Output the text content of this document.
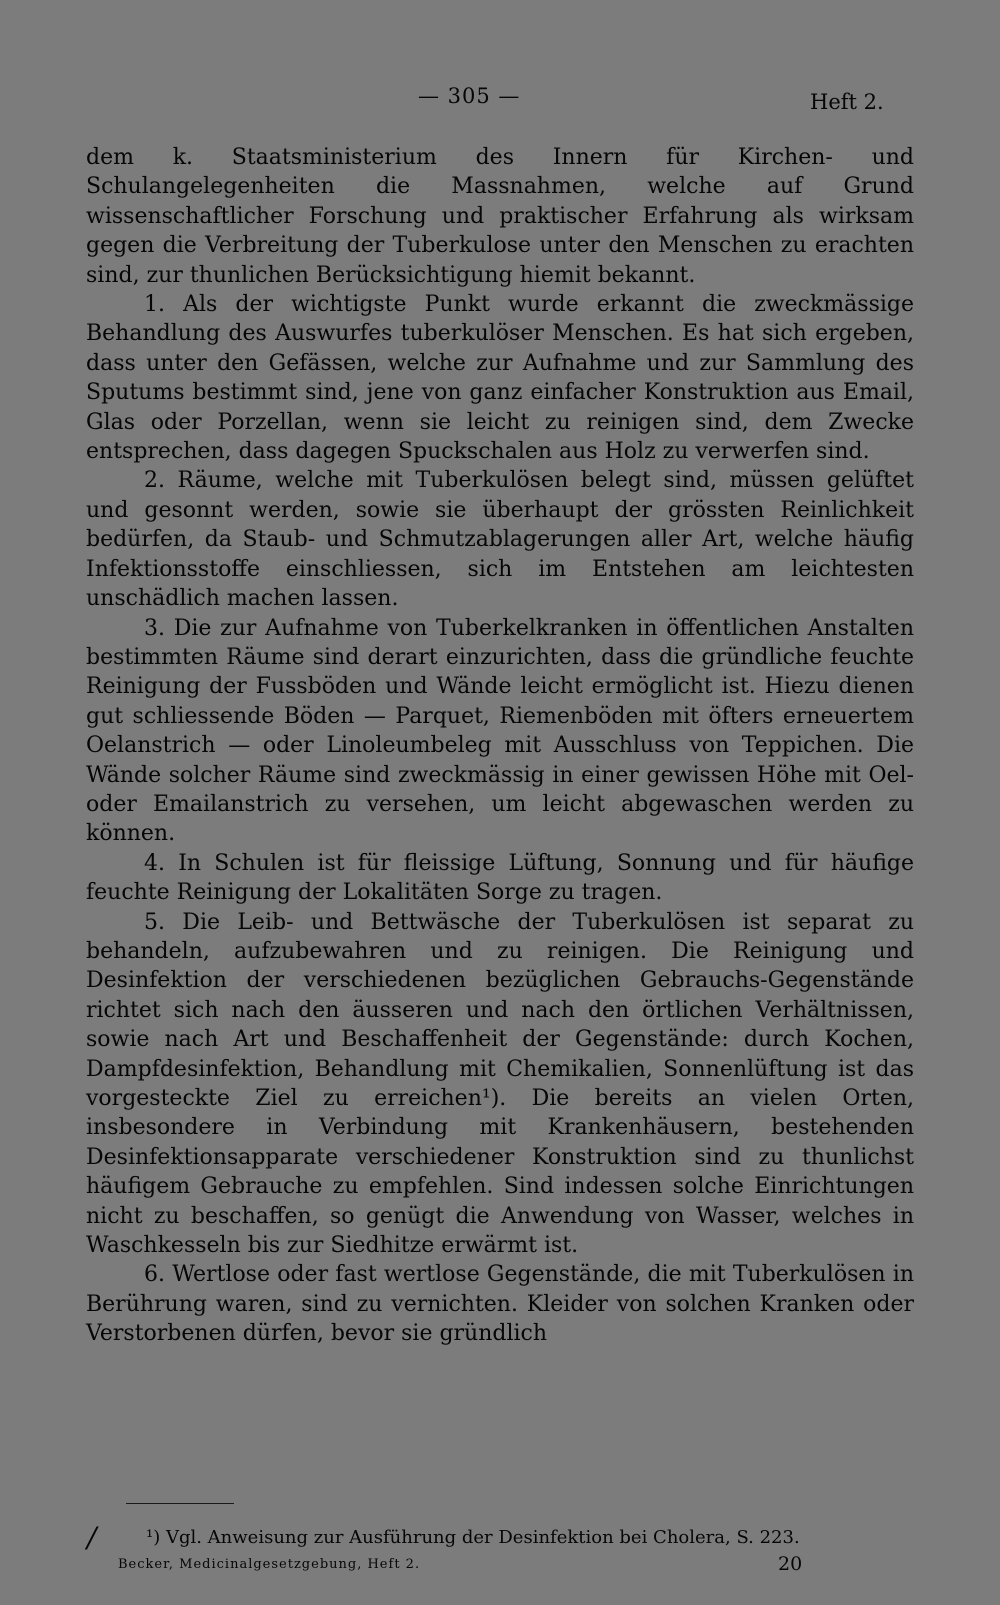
— 305 —	Heft 2.

dem k. Staatsministerium des Innern für Kirchen- und Schulangelegenheiten die Massnahmen, welche auf Grund wissenschaftlicher Forschung und praktischer Erfahrung als wirksam gegen die Verbreitung der Tuberkulose unter den Menschen zu erachten sind, zur thunlichen Berücksichtigung hiemit bekannt.

1. Als der wichtigste Punkt wurde erkannt die zweckmässige Behandlung des Auswurfes tuberkulöser Menschen. Es hat sich ergeben, dass unter den Gefässen, welche zur Aufnahme und zur Sammlung des Sputums bestimmt sind, jene von ganz einfacher Konstruktion aus Email, Glas oder Porzellan, wenn sie leicht zu reinigen sind, dem Zwecke entsprechen, dass dagegen Spuckschalen aus Holz zu verwerfen sind.

2. Räume, welche mit Tuberkulösen belegt sind, müssen gelüftet und gesonnt werden, sowie sie überhaupt der grössten Reinlichkeit bedürfen, da Staub- und Schmutzablagerungen aller Art, welche häufig Infektionsstoffe einschliessen, sich im Entstehen am leichtesten unschädlich machen lassen.

3. Die zur Aufnahme von Tuberkelkranken in öffentlichen Anstalten bestimmten Räume sind derart einzurichten, dass die gründliche feuchte Reinigung der Fussböden und Wände leicht ermöglicht ist. Hiezu dienen gut schliessende Böden — Parquet, Riemenböden mit öfters erneuertem Oelanstrich — oder Linoleumbeleg mit Ausschluss von Teppichen. Die Wände solcher Räume sind zweckmässig in einer gewissen Höhe mit Oel- oder Emailanstrich zu versehen, um leicht abgewaschen werden zu können.

4. In Schulen ist für fleissige Lüftung, Sonnung und für häufige feuchte Reinigung der Lokalitäten Sorge zu tragen.

5. Die Leib- und Bettwäsche der Tuberkulösen ist separat zu behandeln, aufzubewahren und zu reinigen. Die Reinigung und Desinfektion der verschiedenen bezüglichen Gebrauchs-Gegenstände richtet sich nach den äusseren und nach den örtlichen Verhältnissen, sowie nach Art und Beschaffenheit der Gegenstände: durch Kochen, Dampfdesinfektion, Behandlung mit Chemikalien, Sonnenlüftung ist das vorgesteckte Ziel zu erreichen¹). Die bereits an vielen Orten, insbesondere in Verbindung mit Krankenhäusern, bestehenden Desinfektionsapparate verschiedener Konstruktion sind zu thunlichst häufigem Gebrauche zu empfehlen. Sind indessen solche Einrichtungen nicht zu beschaffen, so genügt die Anwendung von Wasser, welches in Waschkesseln bis zur Siedhitze erwärmt ist.

6. Wertlose oder fast wertlose Gegenstände, die mit Tuberkulösen in Berührung waren, sind zu vernichten. Kleider von solchen Kranken oder Verstorbenen dürfen, bevor sie gründlich

/	¹) Vgl. Anweisung zur Ausführung der Desinfektion bei Cholera, S. 223.
Becker, Medicinalgesetzgebung, Heft 2.	20
